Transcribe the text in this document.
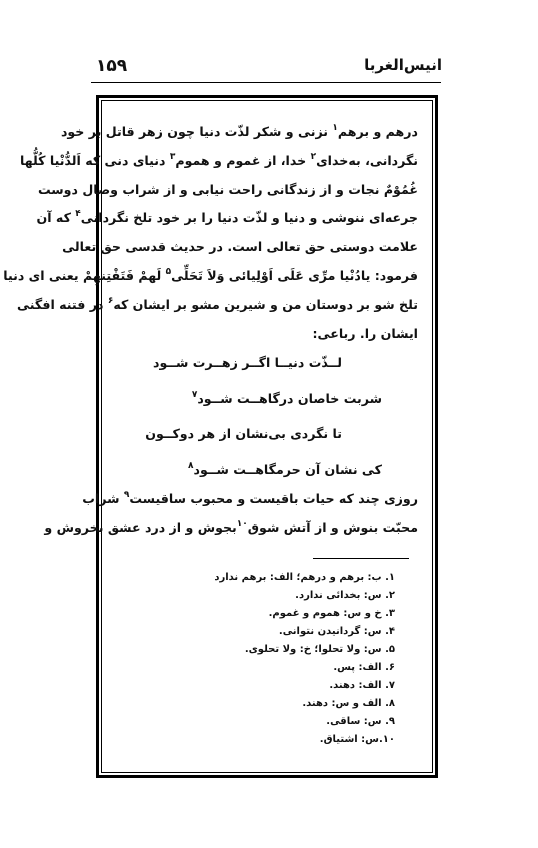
انیس‌الغربا
۱۵۹
درهم و برهم$^۱$ نزنی و شکر لذّت دنیا چون زهر قاتل بر خود
نگردانی، به‌خدای$^۲$ خدا، از غموم و هموم$^۳$ دنیای دنی که اَلدُّنْیا کُلُّها
غُمُوْمٌ نجات و از زندگانی راحت نیابی و از شراب وصال دوست
جرعه‌ای ننوشی و دنیا و لذّت دنیا را بر خود تلخ نگردانی$^۴$ که آن
علامت دوستی حق تعالی است. در حدیث قدسی حق تعالی
فرمود: یادُنْیا مرِّی عَلَی اَوْلِیائی وَلاَ تَحَلِّی$^۵$ لَهمْ فَتَفْتِنهِمْ یعنی ای دنیا
تلخ شو بر دوستان من و شیرین مشو بر ایشان که$^۶$ در فتنه افگنی
ایشان را. رباعی:
لــذّت دنیــا اگــر زهــرت شــود
شربت خاصان درگاهــت شــود$^۷$
تا نگردی بی‌نشان از هر دوکــون
کی نشان آن حرمگاهــت شــود$^۸$
روزی چند که حیات باقیست و محبوب ساقیست$^۹$ شراب
محبّت بنوش و از آتش شوق$^{۱۰}$بجوش و از درد عشق بخروش و
۱. ب: برهم و درهم؛ الف: برهم ندارد
۲. س: بخدائی ندارد.
۳. خ و س: هموم و غموم.
۴. س: گردانیدن نتوانی.
۵. س: ولا تحلوا؛ خ: ولا تحلوی.
۶. الف: پس.
۷. الف: دهند.
۸. الف و س: دهند.
۹. س: ساقی.
۱۰.س: اشتیاق.
